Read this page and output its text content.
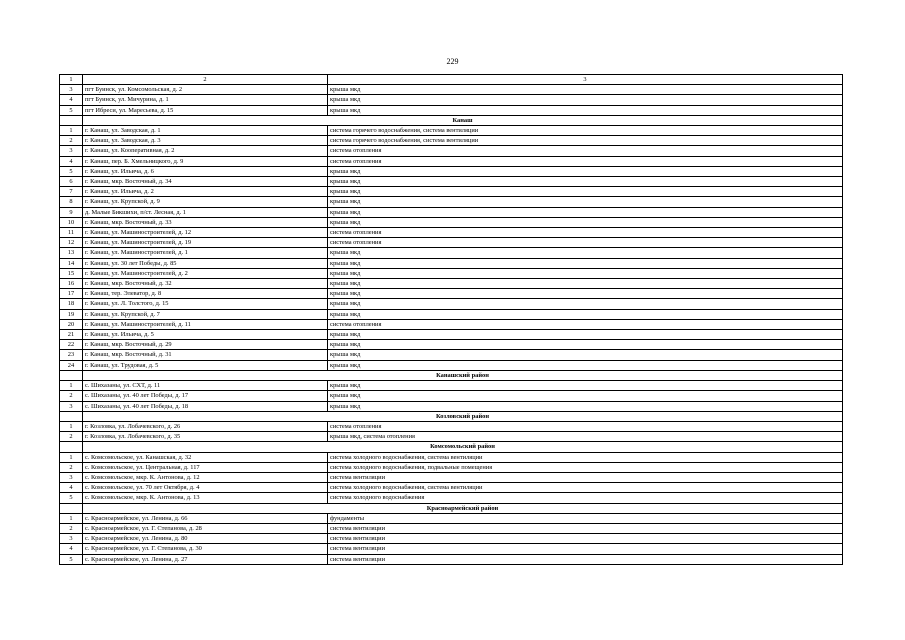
229
1	2	3
3	пгт Буинск, ул. Комсомольская, д. 2	крыша мкд
4	пгт Буинск, ул. Мичурина, д. 1	крыша мкд
5	пгт Ибреси, ул. Маресьева, д. 15	крыша мкд
	Канаш	
1	г. Канаш, ул. Заводская, д. 1	система горячего водоснабжения, система вентиляции
2	г. Канаш, ул. Заводская, д. 3	система горячего водоснабжения, система вентиляции
3	г. Канаш, ул. Кооперативная, д. 2	система отопления
4	г. Канаш, пер. Б. Хмельницкого, д. 9	система отопления
5	г. Канаш, ул. Ильича, д. 6	крыша мкд
6	г. Канаш, мкр. Восточный, д. 34	крыша мкд
7	г. Канаш, ул. Ильича, д. 2	крыша мкд
8	г. Канаш, ул. Крупской, д. 9	крыша мкд
9	д. Малые Бикшихи, п/ст. Лесная, д. 1	крыша мкд
10	г. Канаш, мкр. Восточный, д. 33	крыша мкд
11	г. Канаш, ул. Машиностроителей, д. 12	система отопления
12	г. Канаш, ул. Машиностроителей, д. 19	система отопления
13	г. Канаш, ул. Машиностроителей, д. 1	крыша мкд
14	г. Канаш, ул. 30 лет Победы, д. 85	крыша мкд
15	г. Канаш, ул. Машиностроителей, д. 2	крыша мкд
16	г. Канаш, мкр. Восточный, д. 32	крыша мкд
17	г. Канаш, тер. Элеватор, д. 8	крыша мкд
18	г. Канаш, ул. Л. Толстого, д. 15	крыша мкд
19	г. Канаш, ул. Крупской, д. 7	крыша мкд
20	г. Канаш, ул. Машиностроителей, д. 11	система отопления
21	г. Канаш, ул. Ильича, д. 5	крыша мкд
22	г. Канаш, мкр. Восточный, д. 29	крыша мкд
23	г. Канаш, мкр. Восточный, д. 31	крыша мкд
24	г. Канаш, ул. Трудовая, д. 5	крыша мкд
	Канашский район	
1	с. Шихазаны, ул. СХТ, д. 11	крыша мкд
2	с. Шихазаны, ул. 40 лет Победы, д. 17	крыша мкд
3	с. Шихазаны, ул. 40 лет Победы, д. 18	крыша мкд
	Козловский район	
1	г. Козловка, ул. Лобачевского, д. 26	система отопления
2	г. Козловка, ул. Лобачевского, д. 35	крыша мкд, система отопления
	Комсомольский район	
1	с. Комсомольское, ул. Канашская, д. 32	система холодного водоснабжения, система вентиляции
2	с. Комсомольское, ул. Центральная, д. 117	система холодного водоснабжения, подвальные помещения
3	с. Комсомольское, мкр. К. Антонова, д. 12	система вентиляции
4	с. Комсомольское, ул. 70 лет Октября, д. 4	система холодного водоснабжения, система вентиляции
5	с. Комсомольское, мкр. К. Антонова, д. 13	система холодного водоснабжения
	Красноармейский район	
1	с. Красноармейское, ул. Ленина, д. 66	фундаменты
2	с. Красноармейское, ул. Г. Степанова, д. 28	система вентиляции
3	с. Красноармейское, ул. Ленина, д. 80	система вентиляции
4	с. Красноармейское, ул. Г. Степанова, д. 30	система вентиляции
5	с. Красноармейское, ул. Ленина, д. 27	система вентиляции
